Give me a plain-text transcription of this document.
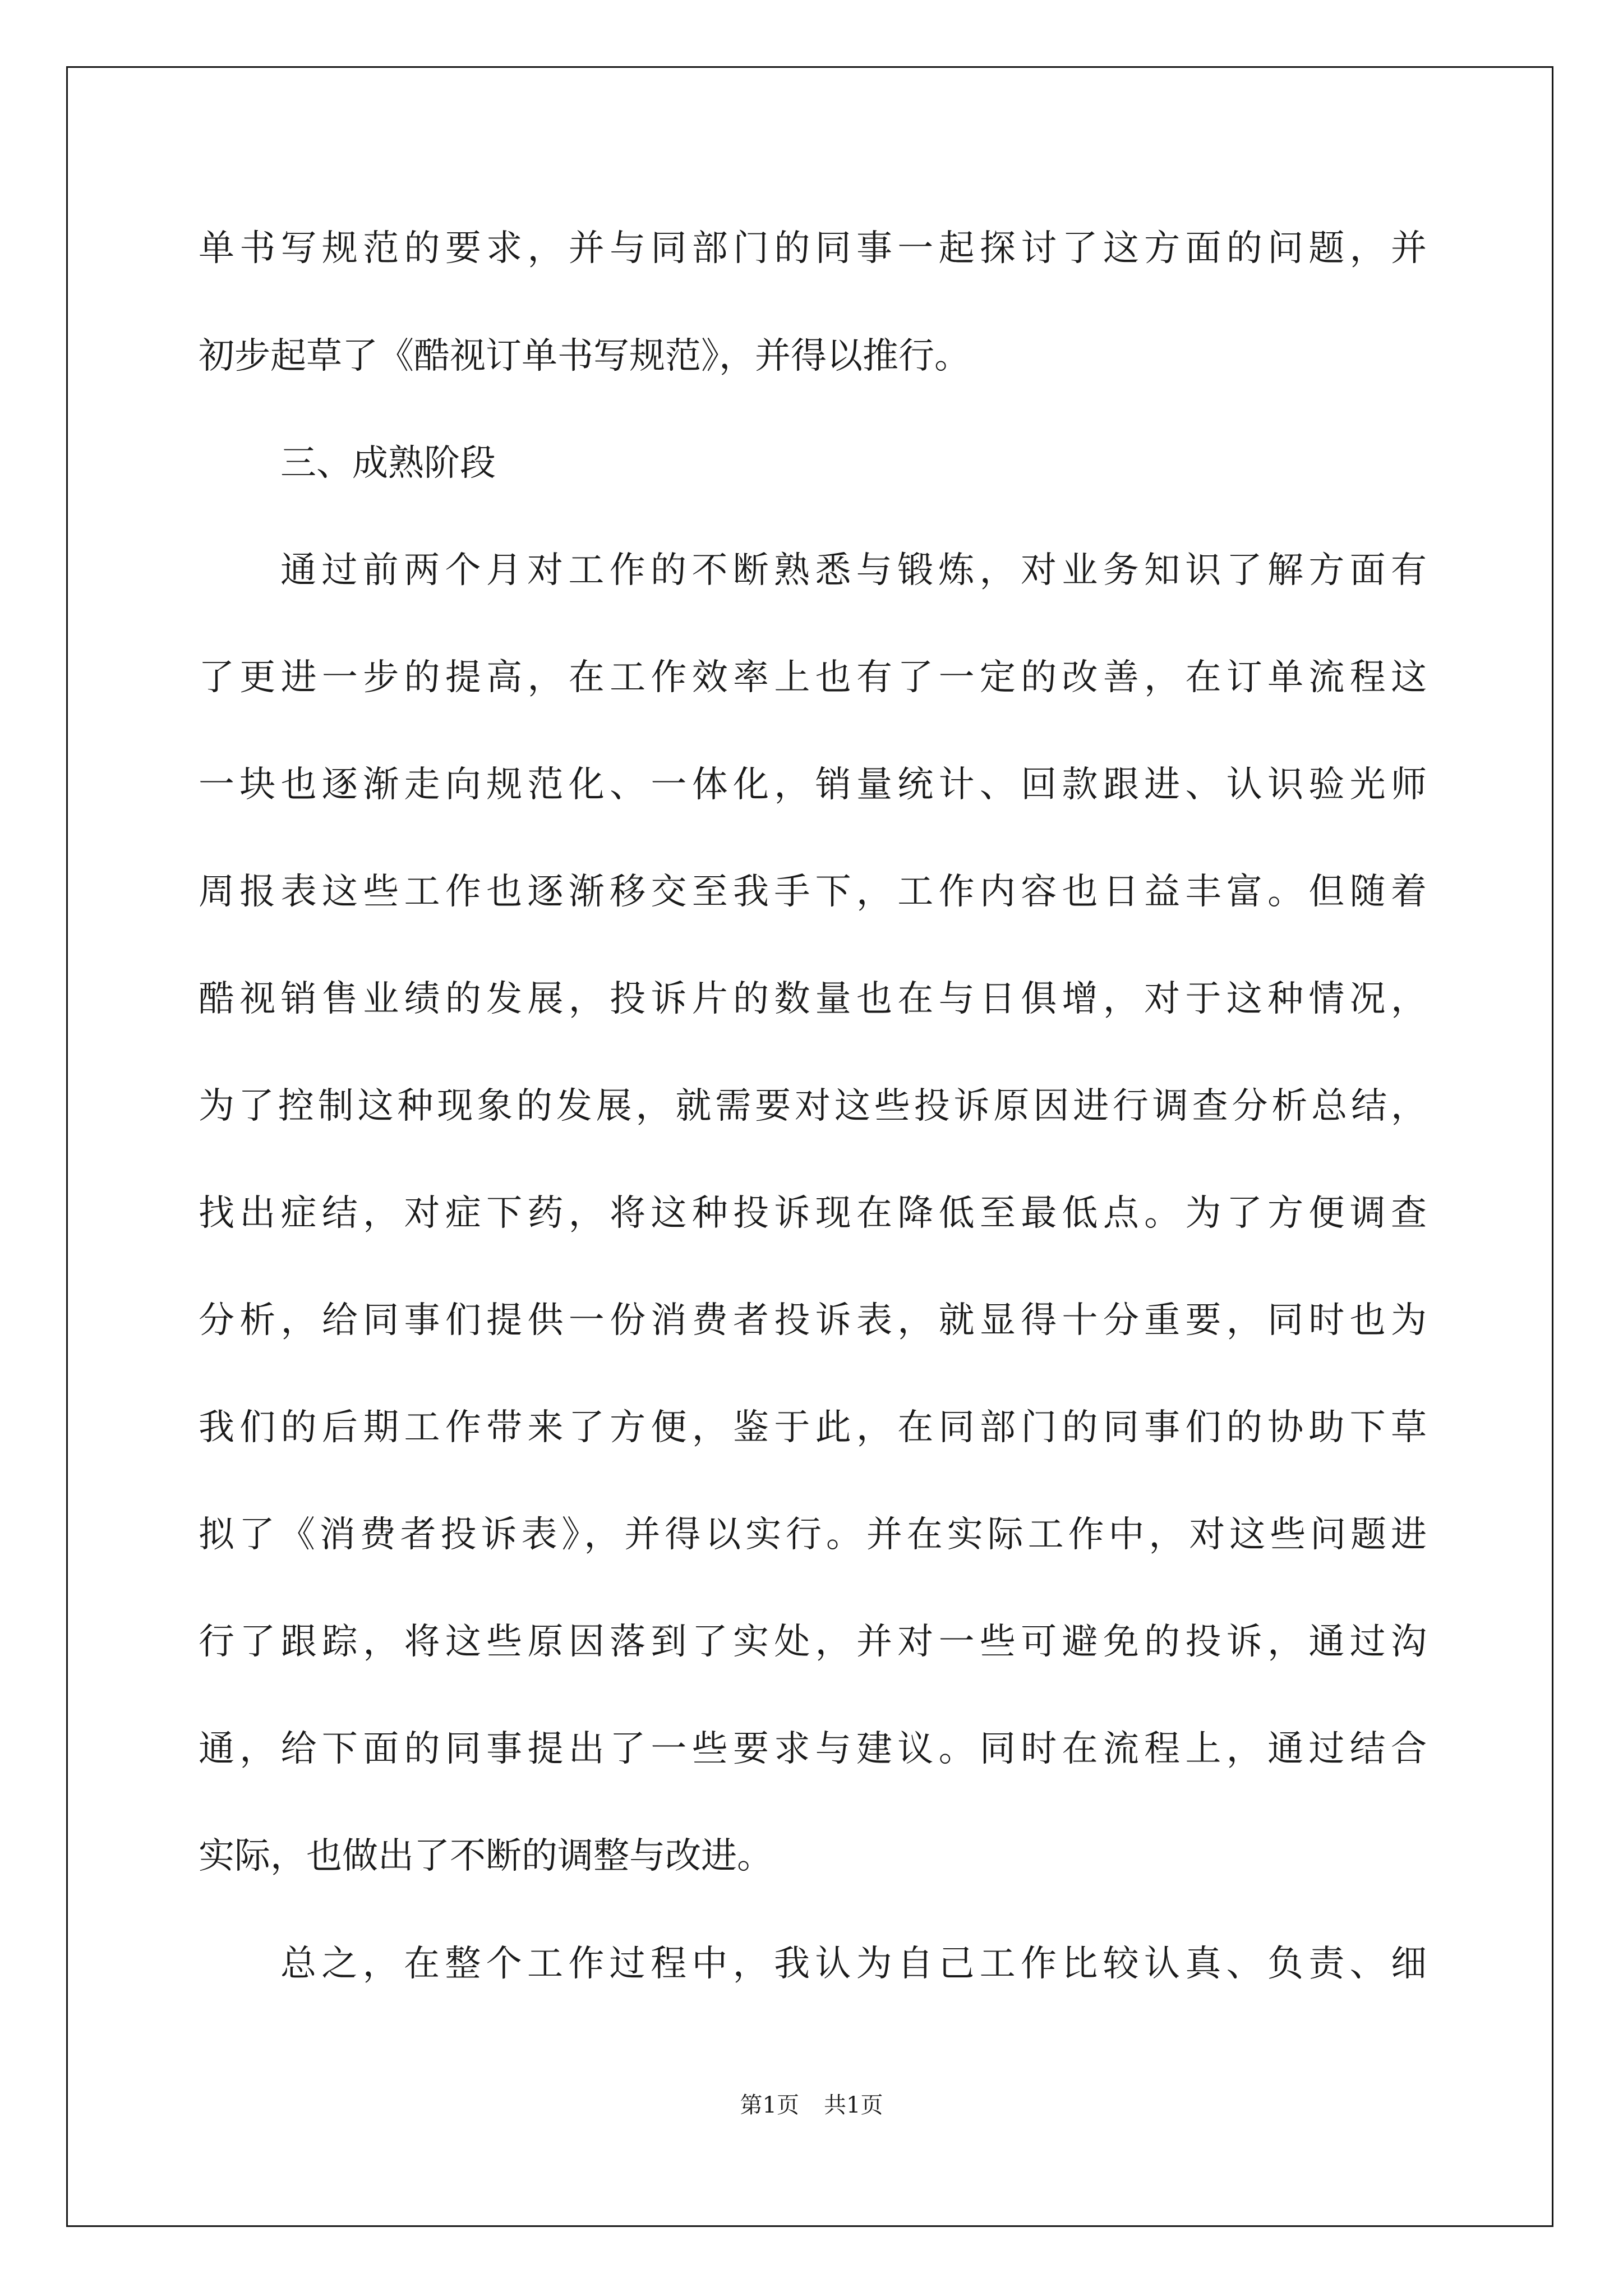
单书写规范的要求，并与同部门的同事一起探讨了这方面的问题，并
初步起草了《酷视订单书写规范》，并得以推行。
三、成熟阶段
通过前两个月对工作的不断熟悉与锻炼，对业务知识了解方面有
了更进一步的提高，在工作效率上也有了一定的改善，在订单流程这
一块也逐渐走向规范化、一体化，销量统计、回款跟进、认识验光师
周报表这些工作也逐渐移交至我手下，工作内容也日益丰富。但随着
酷视销售业绩的发展，投诉片的数量也在与日俱增，对于这种情况，
为了控制这种现象的发展，就需要对这些投诉原因进行调查分析总结，
找出症结，对症下药，将这种投诉现在降低至最低点。为了方便调查
分析，给同事们提供一份消费者投诉表，就显得十分重要，同时也为
我们的后期工作带来了方便，鉴于此，在同部门的同事们的协助下草
拟了《消费者投诉表》，并得以实行。并在实际工作中，对这些问题进
行了跟踪，将这些原因落到了实处，并对一些可避免的投诉，通过沟
通，给下面的同事提出了一些要求与建议。同时在流程上，通过结合
实际，也做出了不断的调整与改进。
总之，在整个工作过程中，我认为自己工作比较认真、负责、细
第1页 共1页
